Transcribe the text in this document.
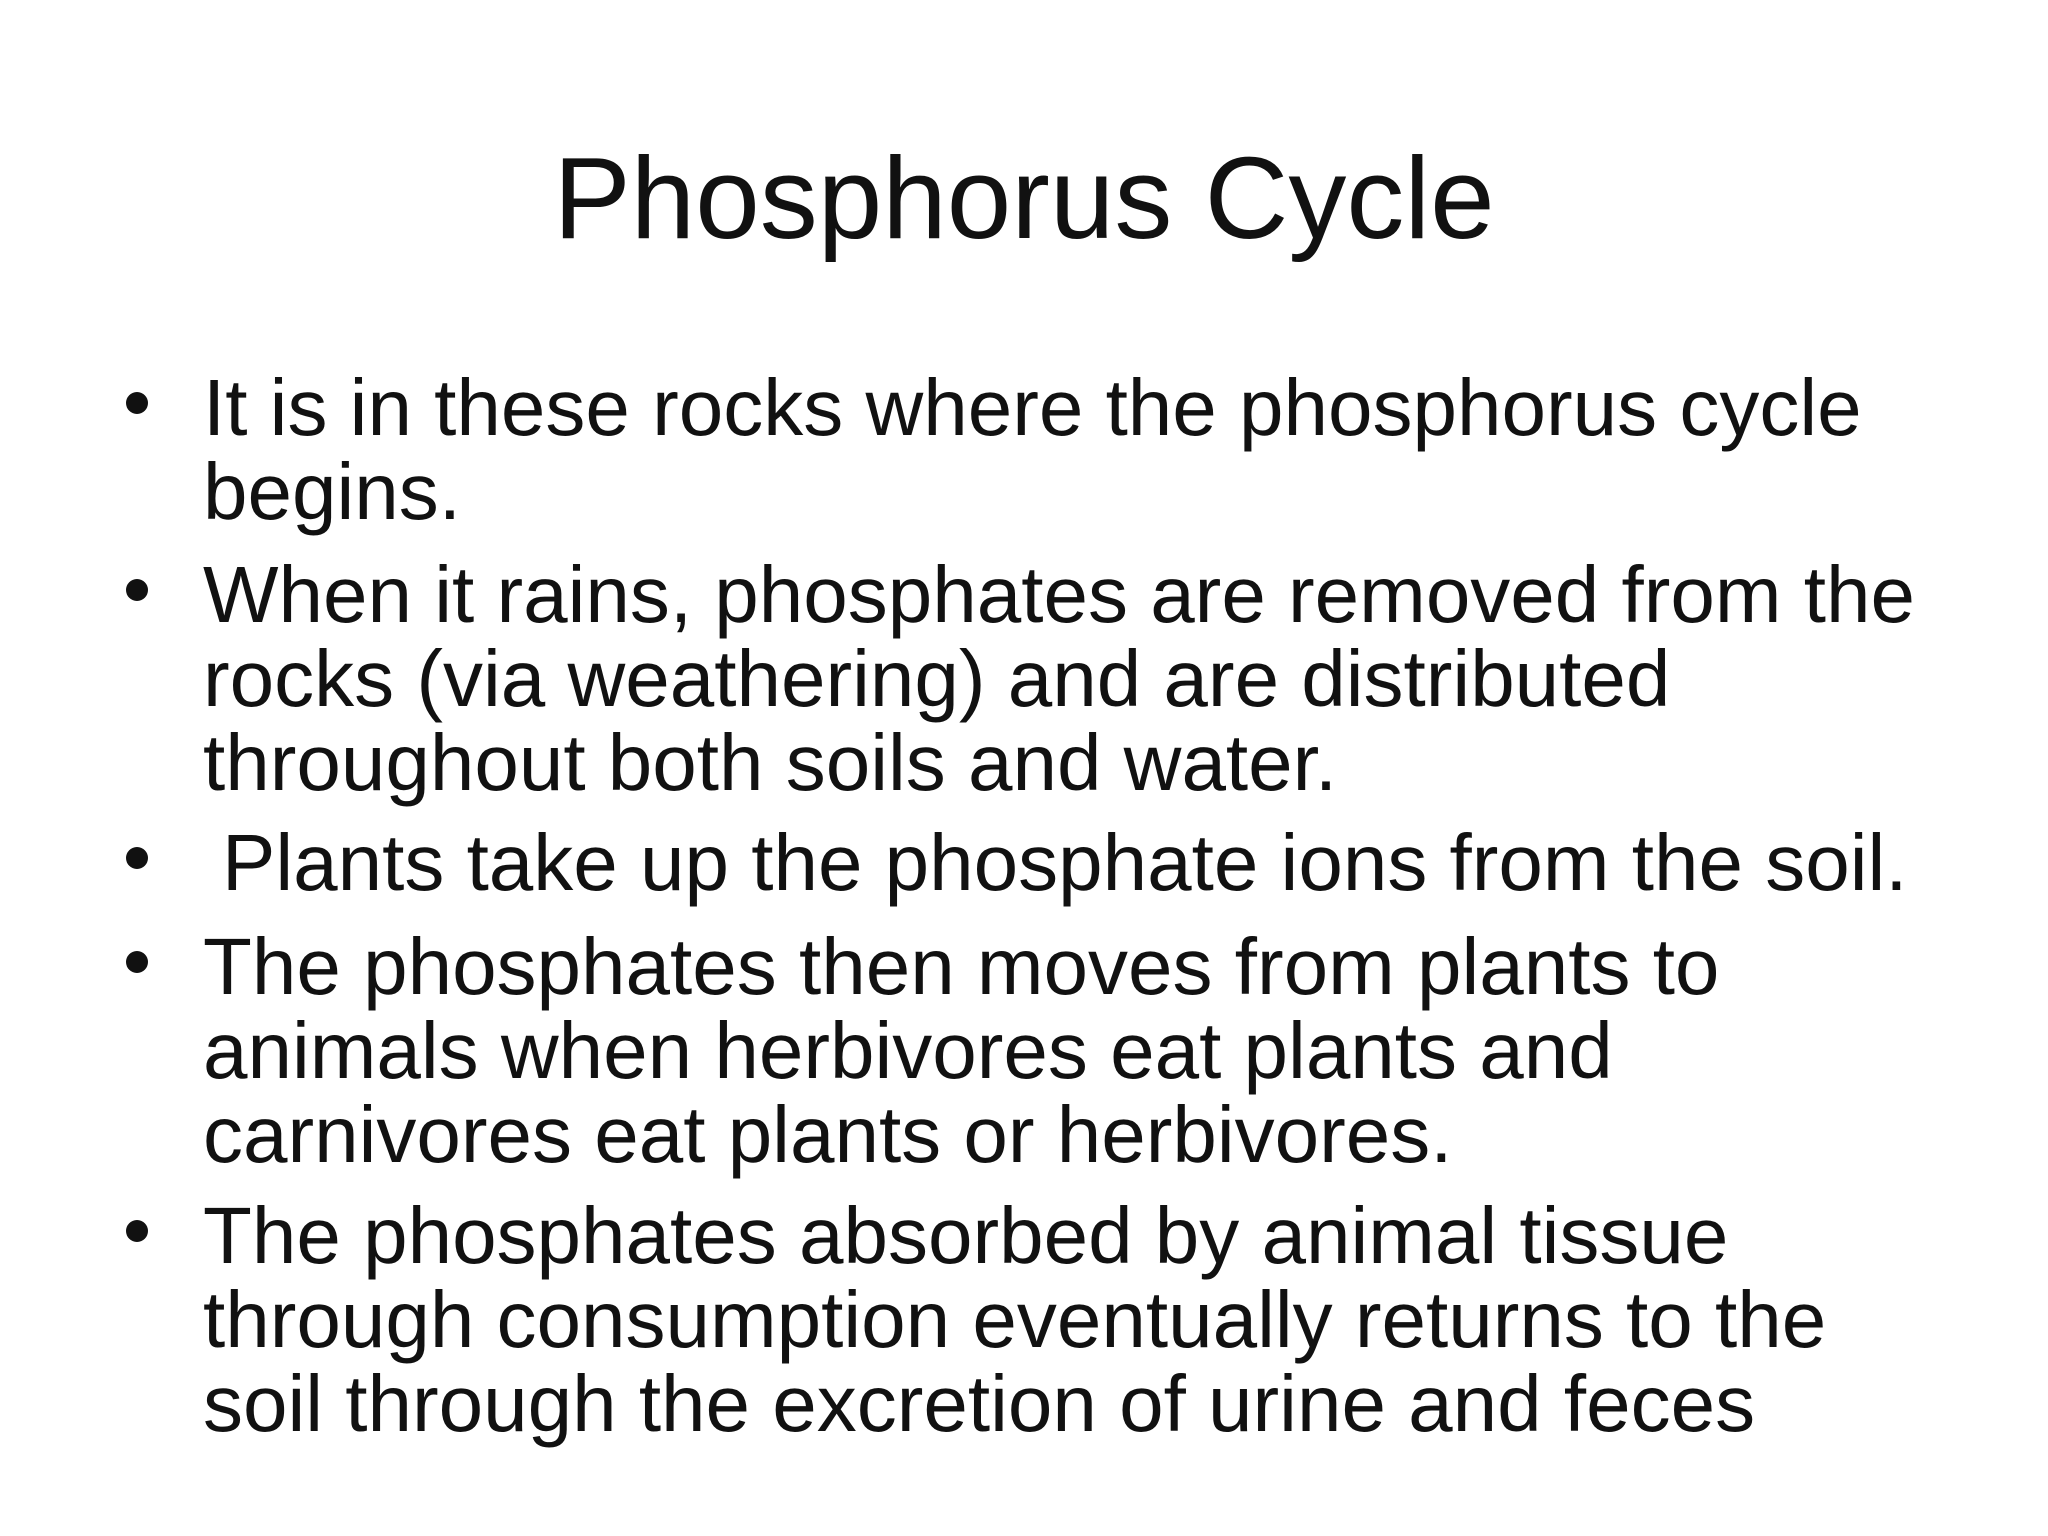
Phosphorus Cycle
It is in these rocks where the phosphorus cycle begins.
When it rains, phosphates are removed from the rocks (via weathering) and are distributed throughout both soils and water.
Plants take up the phosphate ions from the soil.
The phosphates then moves from plants to animals when herbivores eat plants and carnivores eat plants or herbivores.
The phosphates absorbed by animal tissue through consumption eventually returns to the soil through the excretion of urine and feces
